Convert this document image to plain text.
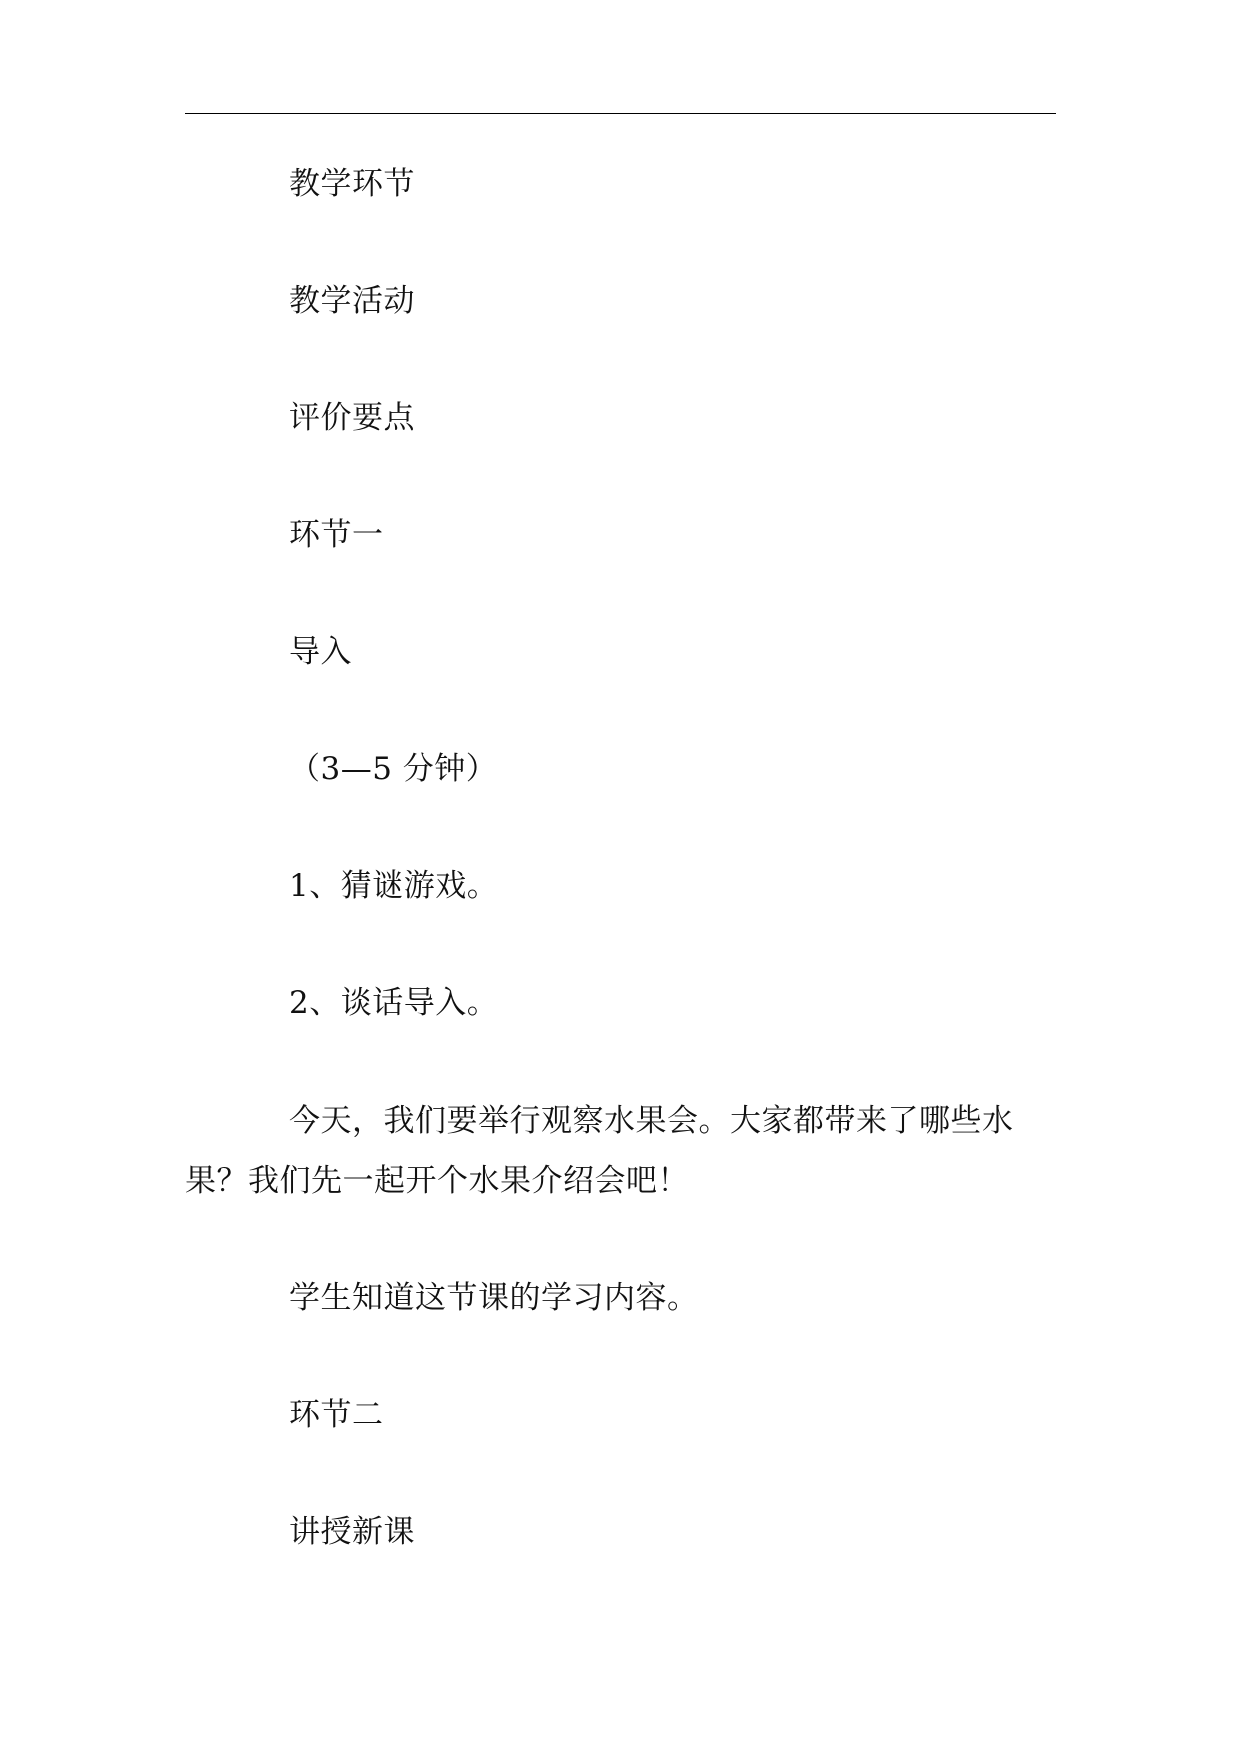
教学环节
教学活动
评价要点
环节一
导入
（3—5 分钟）
1、猜谜游戏。
2、谈话导入。
今天，我们要举行观察水果会。大家都带来了哪些水
果？我们先一起开个水果介绍会吧！
学生知道这节课的学习内容。
环节二
讲授新课
